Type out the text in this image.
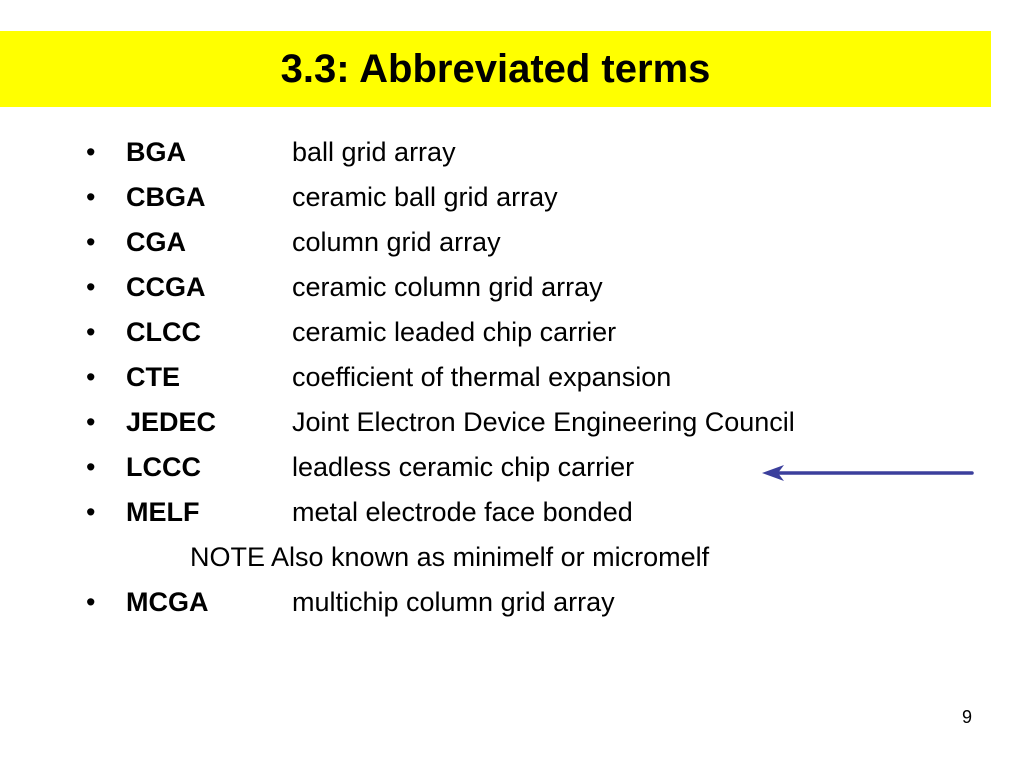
3.3: Abbreviated terms
• BGA	ball grid array
• CBGA	ceramic ball grid array
• CGA	column grid array
• CCGA	ceramic column grid array
• CLCC	ceramic leaded chip carrier
• CTE	coefficient of thermal expansion
• JEDEC	Joint Electron Device Engineering Council
• LCCC	leadless ceramic chip carrier
• MELF	metal electrode face bonded
NOTE Also known as minimelf or micromelf
• MCGA	multichip column grid array
9
